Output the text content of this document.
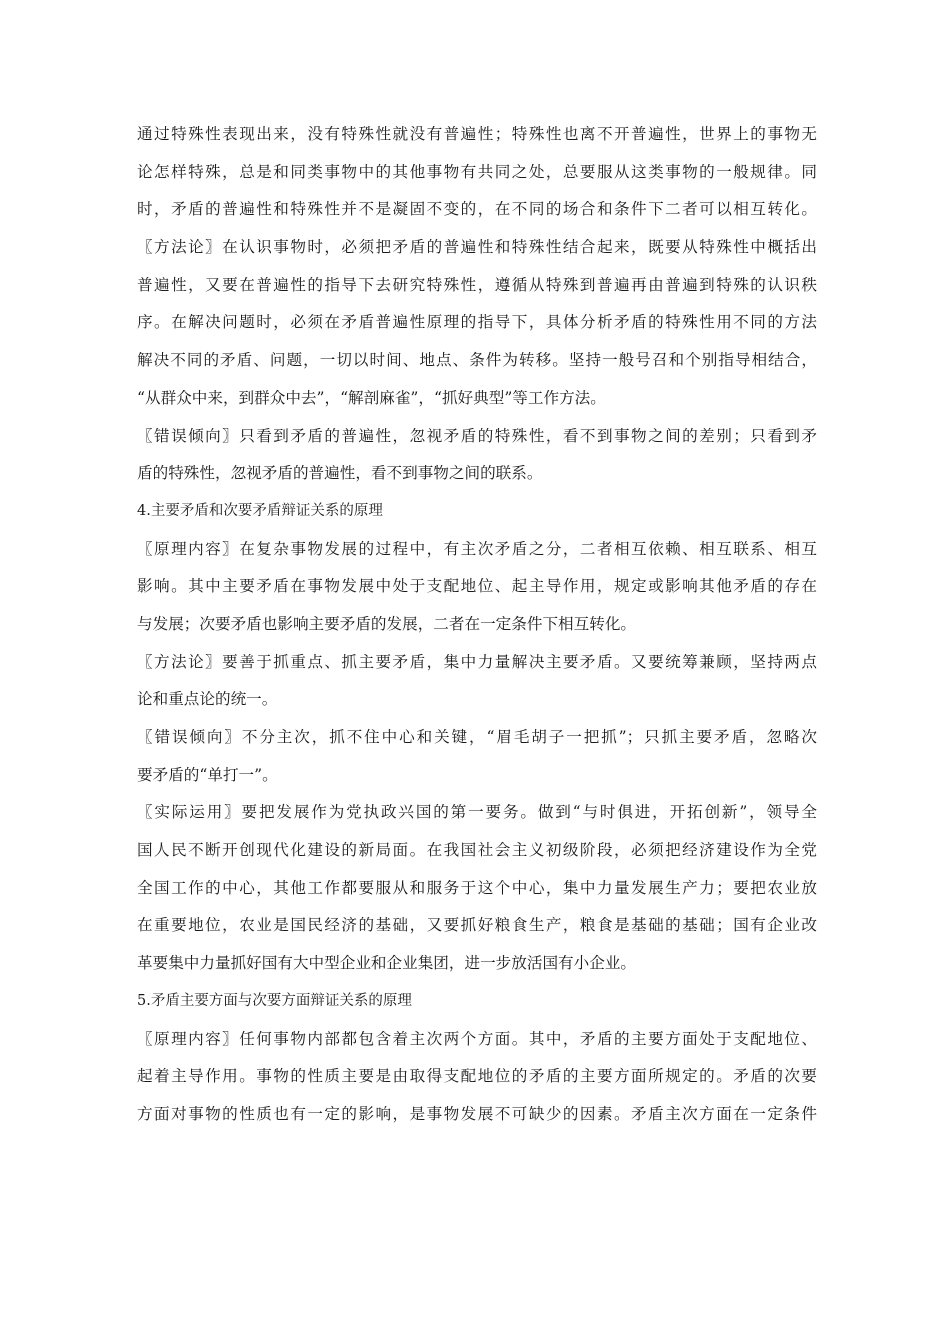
通过特殊性表现出来，没有特殊性就没有普遍性；特殊性也离不开普遍性，世界上的事物无
论怎样特殊，总是和同类事物中的其他事物有共同之处，总要服从这类事物的一般规律。同
时，矛盾的普遍性和特殊性并不是凝固不变的，在不同的场合和条件下二者可以相互转化。
〖方法论〗在认识事物时，必须把矛盾的普遍性和特殊性结合起来，既要从特殊性中概括出
普遍性，又要在普遍性的指导下去研究特殊性，遵循从特殊到普遍再由普遍到特殊的认识秩
序。在解决问题时，必须在矛盾普遍性原理的指导下，具体分析矛盾的特殊性用不同的方法
解决不同的矛盾、问题，一切以时间、地点、条件为转移。坚持一般号召和个别指导相结合，
“从群众中来，到群众中去”，“解剖麻雀”，“抓好典型”等工作方法。
〖错误倾向〗只看到矛盾的普遍性，忽视矛盾的特殊性，看不到事物之间的差别；只看到矛
盾的特殊性，忽视矛盾的普遍性，看不到事物之间的联系。
4.主要矛盾和次要矛盾辩证关系的原理
〖原理内容〗在复杂事物发展的过程中，有主次矛盾之分，二者相互依赖、相互联系、相互
影响。其中主要矛盾在事物发展中处于支配地位、起主导作用，规定或影响其他矛盾的存在
与发展；次要矛盾也影响主要矛盾的发展，二者在一定条件下相互转化。
〖方法论〗要善于抓重点、抓主要矛盾，集中力量解决主要矛盾。又要统筹兼顾，坚持两点
论和重点论的统一。
〖错误倾向〗不分主次，抓不住中心和关键，“眉毛胡子一把抓”；只抓主要矛盾，忽略次
要矛盾的“单打一”。
〖实际运用〗要把发展作为党执政兴国的第一要务。做到“与时俱进，开拓创新”，领导全
国人民不断开创现代化建设的新局面。在我国社会主义初级阶段，必须把经济建设作为全党
全国工作的中心，其他工作都要服从和服务于这个中心，集中力量发展生产力；要把农业放
在重要地位，农业是国民经济的基础，又要抓好粮食生产，粮食是基础的基础；国有企业改
革要集中力量抓好国有大中型企业和企业集团，进一步放活国有小企业。
5.矛盾主要方面与次要方面辩证关系的原理
〖原理内容〗任何事物内部都包含着主次两个方面。其中，矛盾的主要方面处于支配地位、
起着主导作用。事物的性质主要是由取得支配地位的矛盾的主要方面所规定的。矛盾的次要
方面对事物的性质也有一定的影响，是事物发展不可缺少的因素。矛盾主次方面在一定条件
